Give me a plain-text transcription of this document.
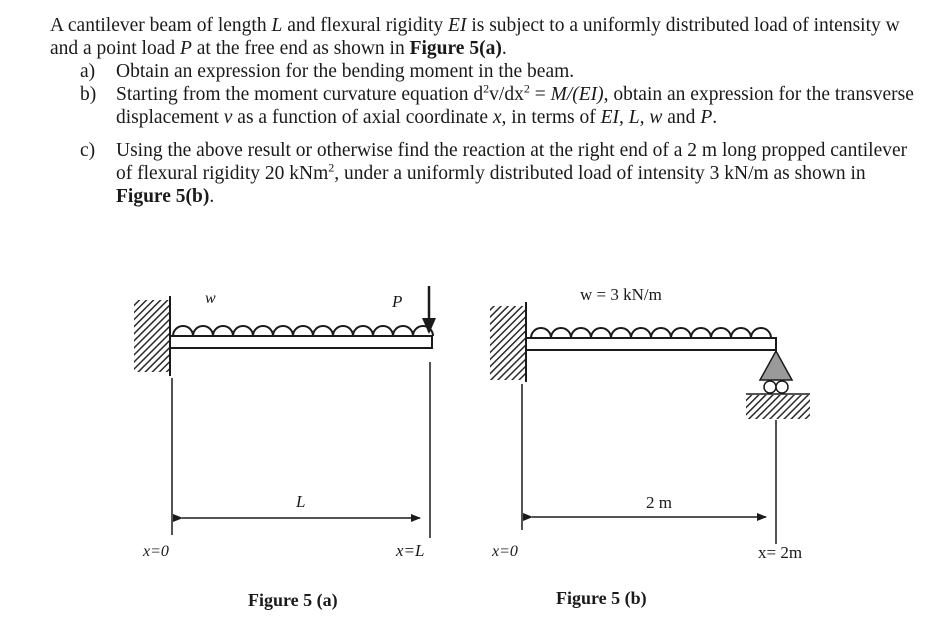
A cantilever beam of length L and flexural rigidity EI is subject to a uniformly distributed load of intensity w and a point load P at the free end as shown in Figure 5(a).

a) Obtain an expression for the bending moment in the beam.
b) Starting from the moment curvature equation $d^2v/dx^2 = M/(EI)$, obtain an expression for the transverse displacement v as a function of axial coordinate x, in terms of EI, L, w and P.
c) Using the above result or otherwise find the reaction at the right end of a 2 m long propped cantilever of flexural rigidity 20 kNm$^2$, under a uniformly distributed load of intensity 3 kN/m as shown in Figure 5(b).
w	P
L
x=0	x=L
Figure 5 (a)
w = 3 kN/m
2 m
x=0	x= 2m
Figure 5 (b)
